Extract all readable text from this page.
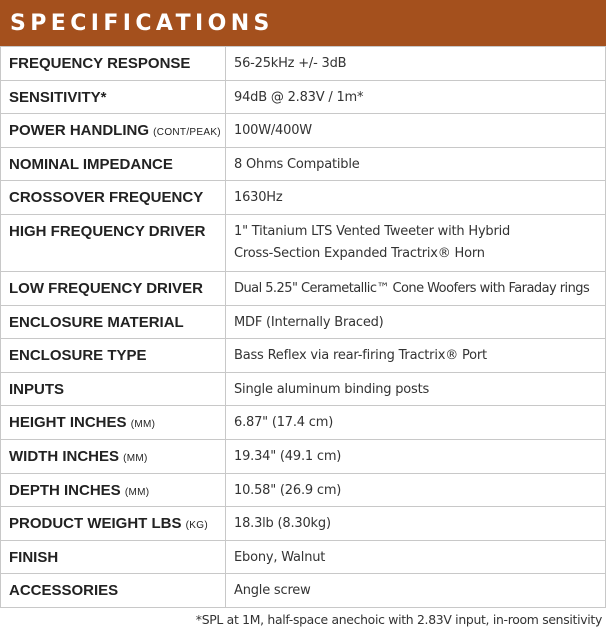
SPECIFICATIONS
FREQUENCY RESPONSE	56-25kHz +/- 3dB

SENSITIVITY*	94dB @ 2.83V / 1m*

POWER HANDLING (CONT/PEAK)	100W/400W

NOMINAL IMPEDANCE	8 Ohms Compatible

CROSSOVER FREQUENCY	1630Hz

HIGH FREQUENCY DRIVER	1" Titanium LTS Vented Tweeter with Hybrid
Cross-Section Expanded Tractrix® Horn

LOW FREQUENCY DRIVER	Dual 5.25" Cerametallic™ Cone Woofers with Faraday rings

ENCLOSURE MATERIAL	MDF (Internally Braced)

ENCLOSURE TYPE	Bass Reflex via rear-firing Tractrix® Port

INPUTS	Single aluminum binding posts

HEIGHT INCHES (MM)	6.87" (17.4 cm)

WIDTH INCHES (MM)	19.34" (49.1 cm)

DEPTH INCHES (MM)	10.58" (26.9 cm)

PRODUCT WEIGHT LBS (KG)	18.3lb (8.30kg)

FINISH	Ebony, Walnut

ACCESSORIES	Angle screw
*SPL at 1M, half-space anechoic with 2.83V input, in-room sensitivity
